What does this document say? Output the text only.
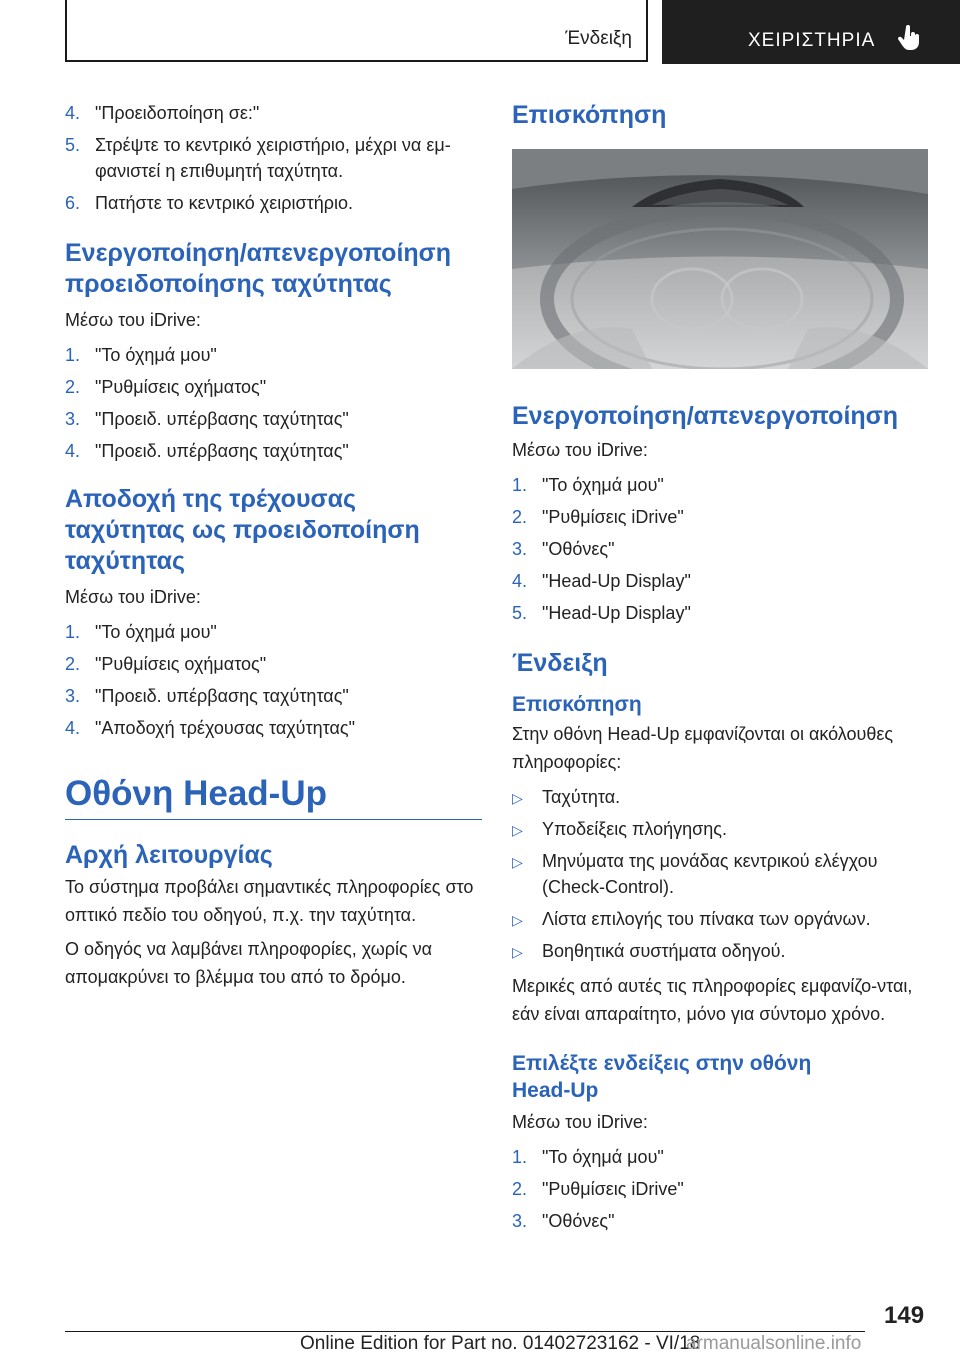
Ένδειξη	ΧΕΙΡΙΣΤΗΡΙΑ
4. "Προειδοποίηση σε:"
5. Στρέψτε το κεντρικό χειριστήριο, μέχρι να εμ-
φανιστεί η επιθυμητή ταχύτητα.
6. Πατήστε το κεντρικό χειριστήριο.
Ενεργοποίηση/απενεργοποίηση
προειδοποίησης ταχύτητας

Μέσω του iDrive:

1. "Το όχημά μου"
2. "Ρυθμίσεις οχήματος"
3. "Προειδ. υπέρβασης ταχύτητας"
4. "Προειδ. υπέρβασης ταχύτητας"
Αποδοχή της τρέχουσας
ταχύτητας ως προειδοποίηση
ταχύτητας

Μέσω του iDrive:

1. "Το όχημά μου"
2. "Ρυθμίσεις οχήματος"
3. "Προειδ. υπέρβασης ταχύτητας"
4. "Αποδοχή τρέχουσας ταχύτητας"
Οθόνη Head-Up
Αρχή λειτουργίας

Το σύστημα προβάλει σημαντικές πληροφορίες στο οπτικό πεδίο του οδηγού, π.χ. την ταχύτητα.

Ο οδηγός να λαμβάνει πληροφορίες, χωρίς να απομακρύνει το βλέμμα του από το δρόμο.

Επισκόπηση
Ενεργοποίηση/απενεργοποίηση

Μέσω του iDrive:

1. "Το όχημά μου"
2. "Ρυθμίσεις iDrive"
3. "Οθόνες"
4. "Head-Up Display"
5. "Head-Up Display"
Ένδειξη
Επισκόπηση

Στην οθόνη Head-Up εμφανίζονται οι ακόλουθες πληροφορίες:

▷ Ταχύτητα.
▷ Υποδείξεις πλοήγησης.
▷ Μηνύματα της μονάδας κεντρικού ελέγχου (Check-Control).
▷ Λίστα επιλογής του πίνακα των οργάνων.
▷ Βοηθητικά συστήματα οδηγού.

Μερικές από αυτές τις πληροφορίες εμφανίζο-νται, εάν είναι απαραίτητο, μόνο για σύντομο χρόνο.

Επιλέξτε ενδείξεις στην οθόνη
Head-Up

Μέσω του iDrive:

1. "Το όχημά μου"
2. "Ρυθμίσεις iDrive"
3. "Οθόνες"
149
Online Edition for Part no. 01402723162 - VI/18
armanualsonline.info
